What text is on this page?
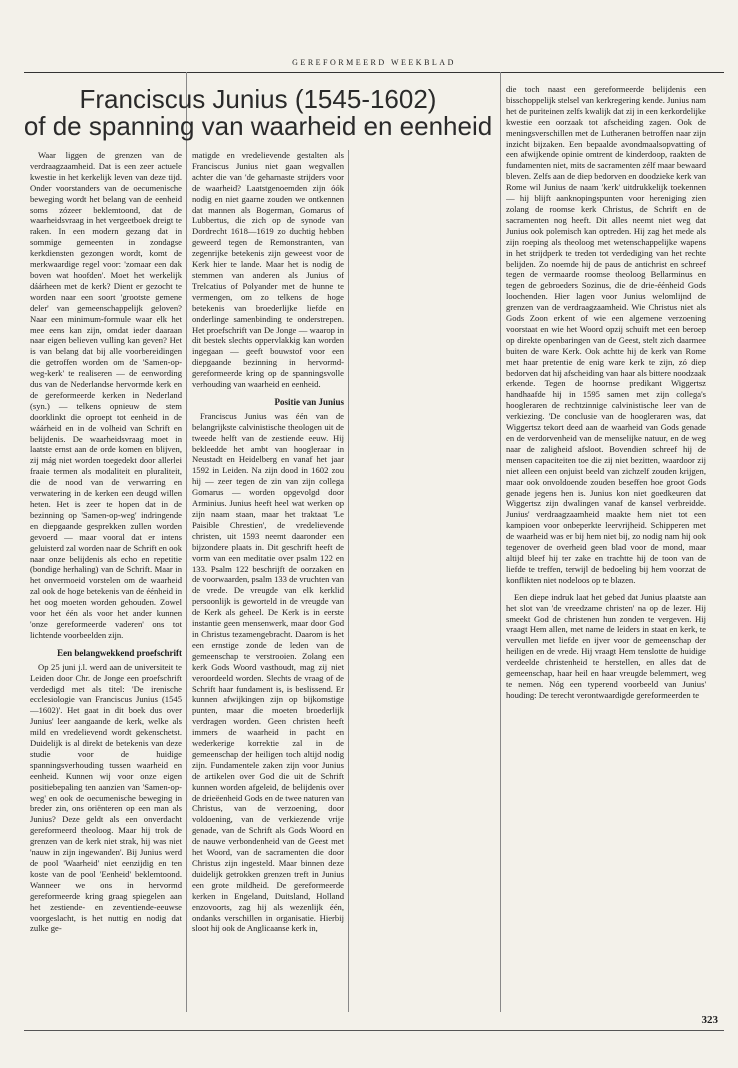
GEREFORMEERD WEEKBLAD
Franciscus Junius (1545-1602)
of de spanning van waarheid en eenheid

Waar liggen de grenzen van de verdraagzaamheid. Dat is een zeer actuele kwestie in het kerkelijk leven van deze tijd. Onder voorstanders van de oecumenische beweging wordt het belang van de eenheid soms zózeer beklemtoond, dat de waarheidsvraag in het vergeetboek dreigt te raken. In een modern gezang dat in sommige gemeenten in zondagse kerkdiensten gezongen wordt, komt de merkwaardige regel voor: 'zomaar een dak boven wat hoofden'. Moet het werkelijk dáárheen met de kerk? Dient er gezocht te worden naar een soort 'grootste gemene deler' van gemeenschappelijk geloven? Naar een minimum-formule waar elk het mee eens kan zijn, omdat ieder daaraan naar eigen believen vulling kan geven? Het is van belang dat bij alle voorbereidingen die getroffen worden om de 'Samen-op-weg-kerk' te realiseren — de eenwording dus van de Nederlandse hervormde kerk en de gereformeerde kerken in Nederland (syn.) — telkens opnieuw de stem doorklinkt die oproept tot eenheid in de wáárheid en in de volheid van Schrift en belijdenis. De waarheidsvraag moet in laatste ernst aan de orde komen en blijven, zij mág niet worden toegedekt door allerlei fraaie termen als modaliteit en pluraliteit, die de nood van de verwarring en verwatering in de kerken een deugd willen heten. Het is zeer te hopen dat in de bezinning op 'Samen-op-weg' indringende en diepgaande gesprekken zullen worden gevoerd — maar vooral dat er intens geluisterd zal worden naar de Schrift en ook naar onze belijdenis als echo en repetitie (bondige herhaling) van de Schrift. Maar in het onvermoeid vorstelen om de waarheid zal ook de hoge betekenis van de éénheid in het oog moeten worden gehouden. Zowel voor het één als voor het ander kunnen 'onze gereformeerde vaderen' ons tot lichtende voorbeelden zijn.

Een belangwekkend proefschrift

Op 25 juni j.l. werd aan de universiteit te Leiden door Chr. de Jonge een proefschrift verdedigd met als titel: 'De irenische ecclesiologie van Franciscus Junius (1545—1602)'. Het gaat in dit boek dus over Junius' leer aangaande de kerk, welke als mild en vredelievend wordt gekenschetst. Duidelijk is al direkt de betekenis van deze studie voor de huidige spanningsverhouding tussen waarheid en eenheid. Kunnen wij voor onze eigen positiebepaling ten aanzien van 'Samen-op-weg' en ook de oecumenische beweging in breder zin, ons oriënteren op een man als Junius? Deze geldt als een onverdacht gereformeerd theoloog. Maar hij trok de grenzen van de kerk niet strak, hij was niet 'nauw in zijn ingewanden'. Bij Junius werd de pool 'Waarheid' niet eenzijdig en ten koste van de pool 'Eenheid' beklemtoond. Wanneer we ons in hervormd gereformeerde kring graag spiegelen aan het zestiende- en zeventiende-eeuwse voorgeslacht, is het nuttig en nodig dat zulke ge-

matigde en vredelievende gestalten als Franciscus Junius niet gaan wegvallen achter die van 'de geharnaste strijders voor de waarheid? Laatstgenoemden zijn óók nodig en niet gaarne zouden we ontkennen dat mannen als Bogerman, Gomarus of Lubbertus, die zich op de synode van Dordrecht 1618—1619 zo duchtig hebben geweerd tegen de Remonstranten, van zegenrijke betekenis zijn geweest voor de Kerk hier te lande. Maar het is nodig de stemmen van anderen als Junius of Trelcatius of Polyander met de hunne te vermengen, om zo telkens de hoge betekenis van broederlijke liefde en onderlinge samenbinding te onderstrepen. Het proefschrift van De Jonge — waarop in dit bestek slechts oppervlakkig kan worden ingegaan — geeft bouwstof voor een diepgaande bezinning in hervormd-gereformeerde kring op de spanningsvolle verhouding van waarheid en eenheid.

Positie van Junius

Franciscus Junius was één van de belangrijkste calvinistische theologen uit de tweede helft van de zestiende eeuw. Hij bekleedde het ambt van hoogleraar in Neustadt en Heidelberg en vanaf het jaar 1592 in Leiden. Na zijn dood in 1602 zou hij — zeer tegen de zin van zijn collega Gomarus — worden opgevolgd door Arminius. Junius heeft heel wat werken op zijn naam staan, maar het traktaat 'Le Paisible Chrestien', de vredelievende christen, uit 1593 neemt daaronder een bijzondere plaats in. Dit geschrift heeft de vorm van een meditatie over psalm 122 en 133. Psalm 122 beschrijft de oorzaken en de voorwaarden, psalm 133 de vruchten van de vrede. De vreugde van elk kerklid persoonlijk is geworteld in de vreugde van de Kerk als geheel. De Kerk is in eerste instantie geen mensenwerk, maar door God in Christus tezamengebracht. Daarom is het een ernstige zonde de leden van de gemeenschap te verstrooien. Zolang een kerk Gods Woord vasthoudt, mag zij niet veroordeeld worden. Slechts de vraag of de Schrift haar fundament is, is beslissend. Er kunnen afwijkingen zijn op bijkomstige punten, maar die moeten broederlijk verdragen worden. Geen christen heeft immers de waarheid in pacht en wederkerige korrektie zal in de gemeenschap der heiligen toch altijd nodig zijn. Fundamentele zaken zijn voor Junius de artikelen over God die uit de Schrift kunnen worden afgeleid, de belijdenis over de drieëenheid Gods en de twee naturen van Christus, van de verzoening, door voldoening, van de verkiezende vrije genade, van de Schrift als Gods Woord en de nauwe verbondenheid van de Geest met het Woord, van de sacramenten die door Christus zijn ingesteld. Maar binnen deze duidelijk getrokken grenzen treft in Junius een grote mildheid. De gereformeerde kerken in Engeland, Duitsland, Holland enzovoorts, zag hij als wezenlijk één, ondanks verschillen in organisatie. Hierbij sloot hij ook de Anglicaanse kerk in,

die toch naast een gereformeerde belijdenis een bisschoppelijk stelsel van kerkregering kende. Junius nam het de puriteinen zelfs kwalijk dat zij in een kerkordelijke kwestie een oorzaak tot afscheiding zagen. Ook de meningsverschillen met de Lutheranen betroffen naar zijn inzicht bijzaken. Een bepaalde avondmaalsopvatting of een afwijkende opinie omtrent de kinderdoop, raakten de fundamenten niet, mits de sacramenten zélf maar bewaard bleven. Zelfs aan de diep bedorven en doodzieke kerk van Rome wil Junius de naam 'kerk' uitdrukkelijk toekennen — hij blijft aanknopingspunten voor hereniging zien zolang de roomse kerk Christus, de Schrift en de sacramenten nog heeft. Dit alles neemt niet weg dat Junius ook polemisch kan optreden. Hij zag het mede als zijn roeping als theoloog met wetenschappelijke wapens in het strijdperk te treden tot verdediging van het rechte belijden. Zo noemde hij de paus de antichrist en schreef tegen de vermaarde roomse theoloog Bellarminus en tegen de gebroeders Sozinus, die de drie-éénheid Gods loochenden. Hier lagen voor Junius welomlijnd de grenzen van de verdraagzaamheid. Wie Christus niet als Gods Zoon erkent of wie een algemene verzoening voorstaat en wie het Woord opzij schuift met een beroep op direkte openbaringen van de Geest, stelt zich daarmee buiten de ware Kerk. Ook achtte hij de kerk van Rome met haar pretentie de enig ware kerk te zijn, zó diep bedorven dat hij afscheiding van haar als bittere noodzaak erkende. Tegen de hoornse predikant Wiggertsz handhaafde hij in 1595 samen met zijn collega's hoogleraren de rechtzinnige calvinistische leer van de verkiezing. 'De conclusie van de hoogleraren was, dat Wiggertsz tekort deed aan de waarheid van Gods genade en de verdorvenheid van de menselijke natuur, en de weg naar de zaligheid afsloot. Bovendien schreef hij de mensen capaciteiten toe die zij niet bezitten, waardoor zij niet alleen een onjuist beeld van zichzelf zouden krijgen, maar ook onvoldoende zouden beseffen hoe groot Gods genade jegens hen is. Junius kon niet goedkeuren dat Wiggertsz zijn dwalingen vanaf de kansel verbreidde. Junius' verdraagzaamheid maakte hem niet tot een kampioen voor onbeperkte leervrijheid. Schipperen met de waarheid was er bij hem niet bij, zo nodig nam hij ook tegenover de overheid geen blad voor de mond, maar altijd bleef hij ter zake en trachtte hij de toon van de liefde te treffen, terwijl de bedoeling bij hem voorzat de konflikten niet nodeloos op te blazen.

Een diepe indruk laat het gebed dat Junius plaatste aan het slot van 'de vreedzame christen' na op de lezer. Hij smeekt God de christenen hun zonden te vergeven. Hij vraagt Hem allen, met name de leiders in staat en kerk, te vervullen met liefde en ijver voor de gemeenschap der heiligen en de vrede. Hij vraagt Hem tenslotte de huidige verdeelde christenheid te herstellen, en alles dat de gemeenschap, haar heil en haar vreugde belemmert, weg te nemen. Nóg een typerend voorbeeld van Junius' houding: De terecht verontwaardigde gereformeerden te

323
